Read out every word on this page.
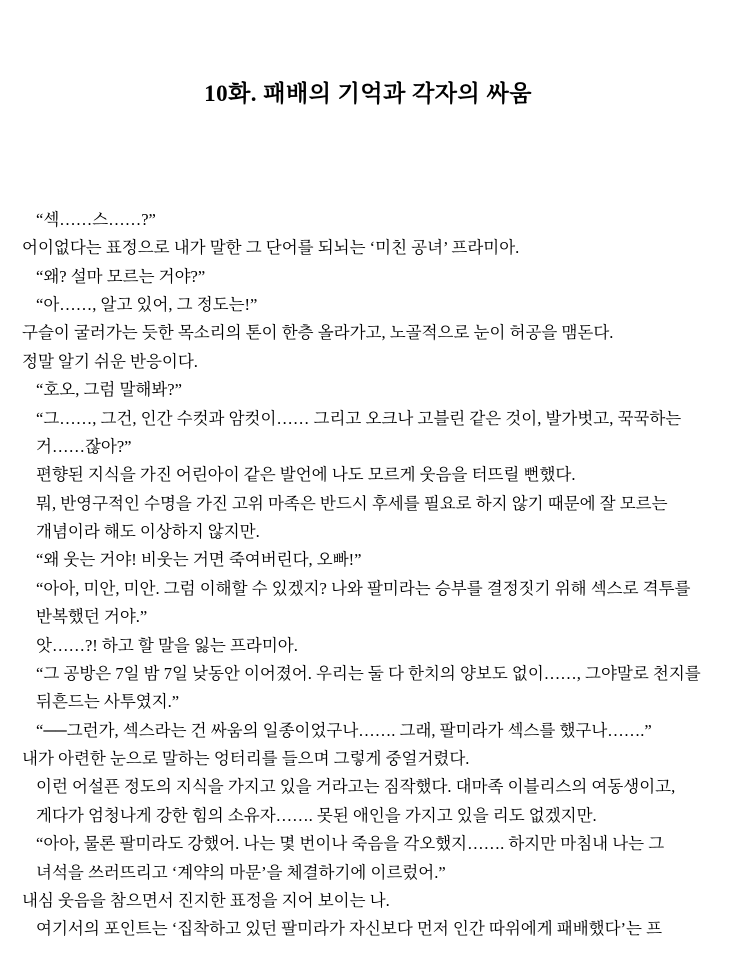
10화. 패배의 기억과 각자의 싸움

“섹……스……?”

어이없다는 표정으로 내가 말한 그 단어를 되뇌는 ‘미친 공녀’ 프라미아.

“왜? 설마 모르는 거야?”

“아……, 알고 있어, 그 정도는!”

구슬이 굴러가는 듯한 목소리의 톤이 한층 올라가고, 노골적으로 눈이 허공을 맴돈다.

정말 알기 쉬운 반응이다.

“호오, 그럼 말해봐?”

“그……, 그건, 인간 수컷과 암컷이…… 그리고 오크나 고블린 같은 것이, 발가벗고, 꾹꾹하는 거……잖아?”

편향된 지식을 가진 어린아이 같은 발언에 나도 모르게 웃음을 터뜨릴 뻔했다.

뭐, 반영구적인 수명을 가진 고위 마족은 반드시 후세를 필요로 하지 않기 때문에 잘 모르는 개념이라 해도 이상하지 않지만.

“왜 웃는 거야! 비웃는 거면 죽여버린다, 오빠!”

“아아, 미안, 미안. 그럼 이해할 수 있겠지? 나와 팔미라는 승부를 결정짓기 위해 섹스로 격투를 반복했던 거야.”

앗……?! 하고 할 말을 잃는 프라미아.

“그 공방은 7일 밤 7일 낮동안 이어졌어. 우리는 둘 다 한치의 양보도 없이……, 그야말로 천지를 뒤흔드는 사투였지.”

“──그런가, 섹스라는 건 싸움의 일종이었구나……. 그래, 팔미라가 섹스를 했구나…….”

내가 아련한 눈으로 말하는 엉터리를 들으며 그렇게 중얼거렸다.

이런 어설픈 정도의 지식을 가지고 있을 거라고는 짐작했다. 대마족 이블리스의 여동생이고, 게다가 엄청나게 강한 힘의 소유자……. 못된 애인을 가지고 있을 리도 없겠지만.

“아아, 물론 팔미라도 강했어. 나는 몇 번이나 죽음을 각오했지……. 하지만 마침내 나는 그 녀석을 쓰러뜨리고 ‘계약의 마문’을 체결하기에 이르렀어.”

내심 웃음을 참으면서 진지한 표정을 지어 보이는 나.

여기서의 포인트는 ‘집착하고 있던 팔미라가 자신보다 먼저 인간 따위에게 패배했다’는 프
